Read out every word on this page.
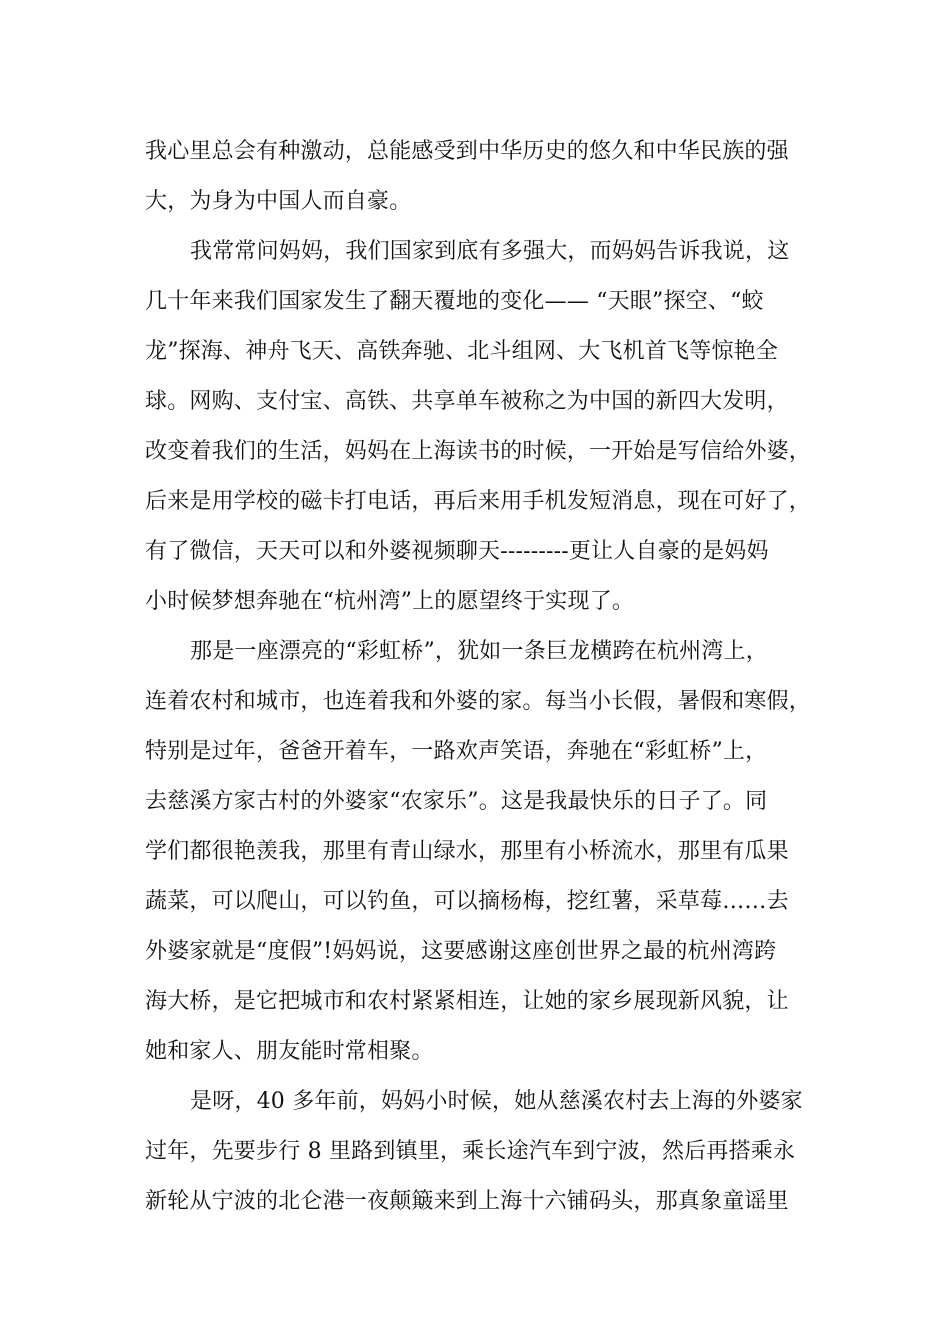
我心里总会有种激动，总能感受到中华历史的悠久和中华民族的强
大，为身为中国人而自豪。
我常常问妈妈，我们国家到底有多强大，而妈妈告诉我说，这
几十年来我们国家发生了翻天覆地的变化—— “天眼”探空、“蛟
龙”探海、神舟飞天、高铁奔驰、北斗组网、大飞机首飞等惊艳全
球。网购、支付宝、高铁、共享单车被称之为中国的新四大发明，
改变着我们的生活，妈妈在上海读书的时候，一开始是写信给外婆，
后来是用学校的磁卡打电话，再后来用手机发短消息，现在可好了，
有了微信，天天可以和外婆视频聊天---------更让人自豪的是妈妈
小时候梦想奔驰在“杭州湾”上的愿望终于实现了。
那是一座漂亮的“彩虹桥”，犹如一条巨龙横跨在杭州湾上，
连着农村和城市，也连着我和外婆的家。每当小长假，暑假和寒假，
特别是过年，爸爸开着车，一路欢声笑语，奔驰在“彩虹桥”上，
去慈溪方家古村的外婆家“农家乐”。这是我最快乐的日子了。同
学们都很艳羡我，那里有青山绿水，那里有小桥流水，那里有瓜果
蔬菜，可以爬山，可以钓鱼，可以摘杨梅，挖红薯，采草莓……去
外婆家就是“度假”!妈妈说，这要感谢这座创世界之最的杭州湾跨
海大桥，是它把城市和农村紧紧相连，让她的家乡展现新风貌，让
她和家人、朋友能时常相聚。
是呀，40 多年前，妈妈小时候，她从慈溪农村去上海的外婆家
过年，先要步行 8 里路到镇里，乘长途汽车到宁波，然后再搭乘永
新轮从宁波的北仑港一夜颠簸来到上海十六铺码头，那真象童谣里
